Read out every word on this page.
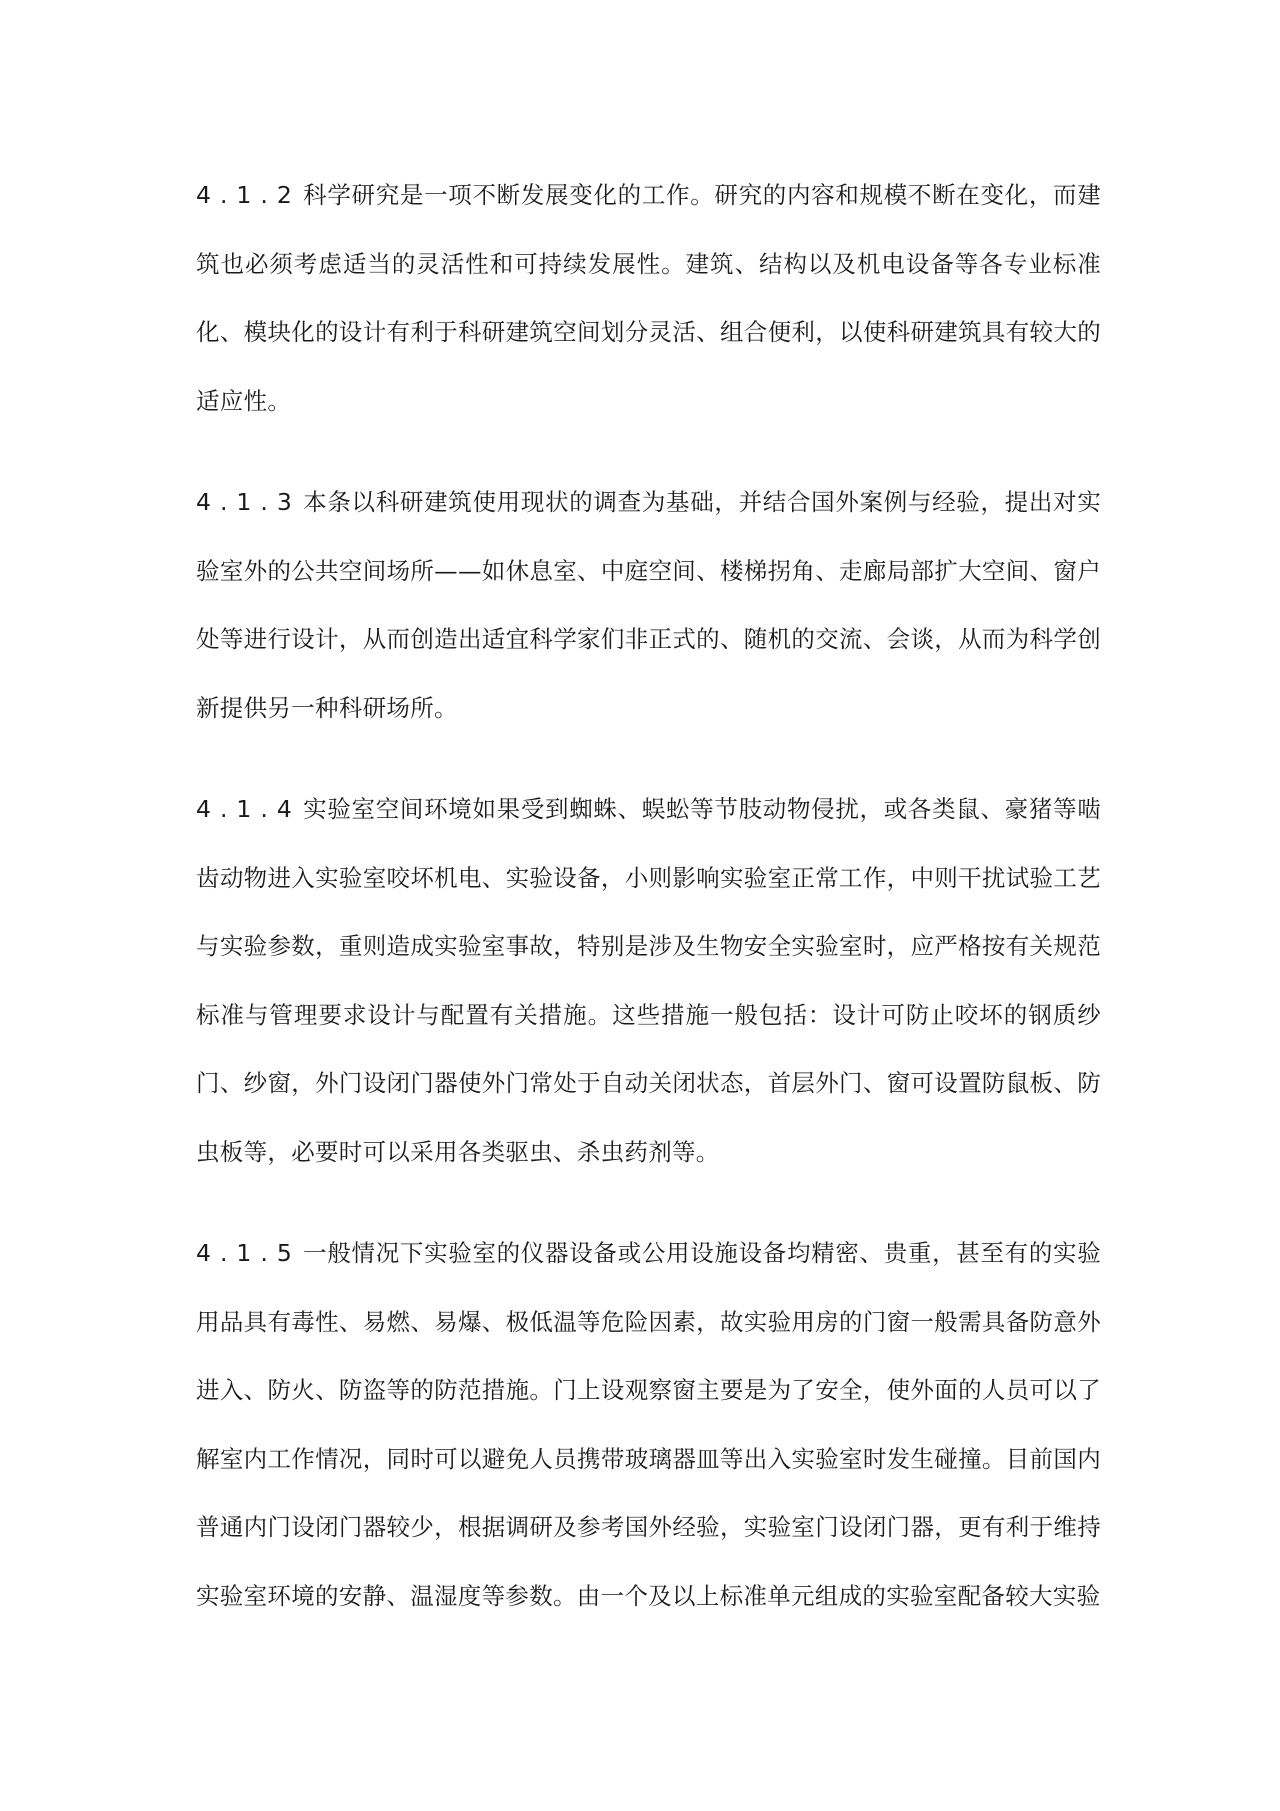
4.1.2科学研究是一项不断发展变化的工作。研究的内容和规模不断在变化，而建筑也必须考虑适当的灵活性和可持续发展性。建筑、结构以及机电设备等各专业标准化、模块化的设计有利于科研建筑空间划分灵活、组合便利，以使科研建筑具有较大的适应性。

4.1.3本条以科研建筑使用现状的调查为基础，并结合国外案例与经验，提出对实验室外的公共空间场所——如休息室、中庭空间、楼梯拐角、走廊局部扩大空间、窗户处等进行设计，从而创造出适宜科学家们非正式的、随机的交流、会谈，从而为科学创新提供另一种科研场所。

4.1.4实验室空间环境如果受到蜘蛛、蜈蚣等节肢动物侵扰，或各类鼠、豪猪等啮齿动物进入实验室咬坏机电、实验设备，小则影响实验室正常工作，中则干扰试验工艺与实验参数，重则造成实验室事故，特别是涉及生物安全实验室时，应严格按有关规范标准与管理要求设计与配置有关措施。这些措施一般包括：设计可防止咬坏的钢质纱门、纱窗，外门设闭门器使外门常处于自动关闭状态，首层外门、窗可设置防鼠板、防虫板等，必要时可以采用各类驱虫、杀虫药剂等。

4.1.5一般情况下实验室的仪器设备或公用设施设备均精密、贵重，甚至有的实验用品具有毒性、易燃、易爆、极低温等危险因素，故实验用房的门窗一般需具备防意外进入、防火、防盗等的防范措施。门上设观察窗主要是为了安全，使外面的人员可以了解室内工作情况，同时可以避免人员携带玻璃器皿等出入实验室时发生碰撞。目前国内普通内门设闭门器较少，根据调研及参考国外经验，实验室门设闭门器，更有利于维持实验室环境的安静、温湿度等参数。由一个及以上标准单元组成的实验室配备较大实验
